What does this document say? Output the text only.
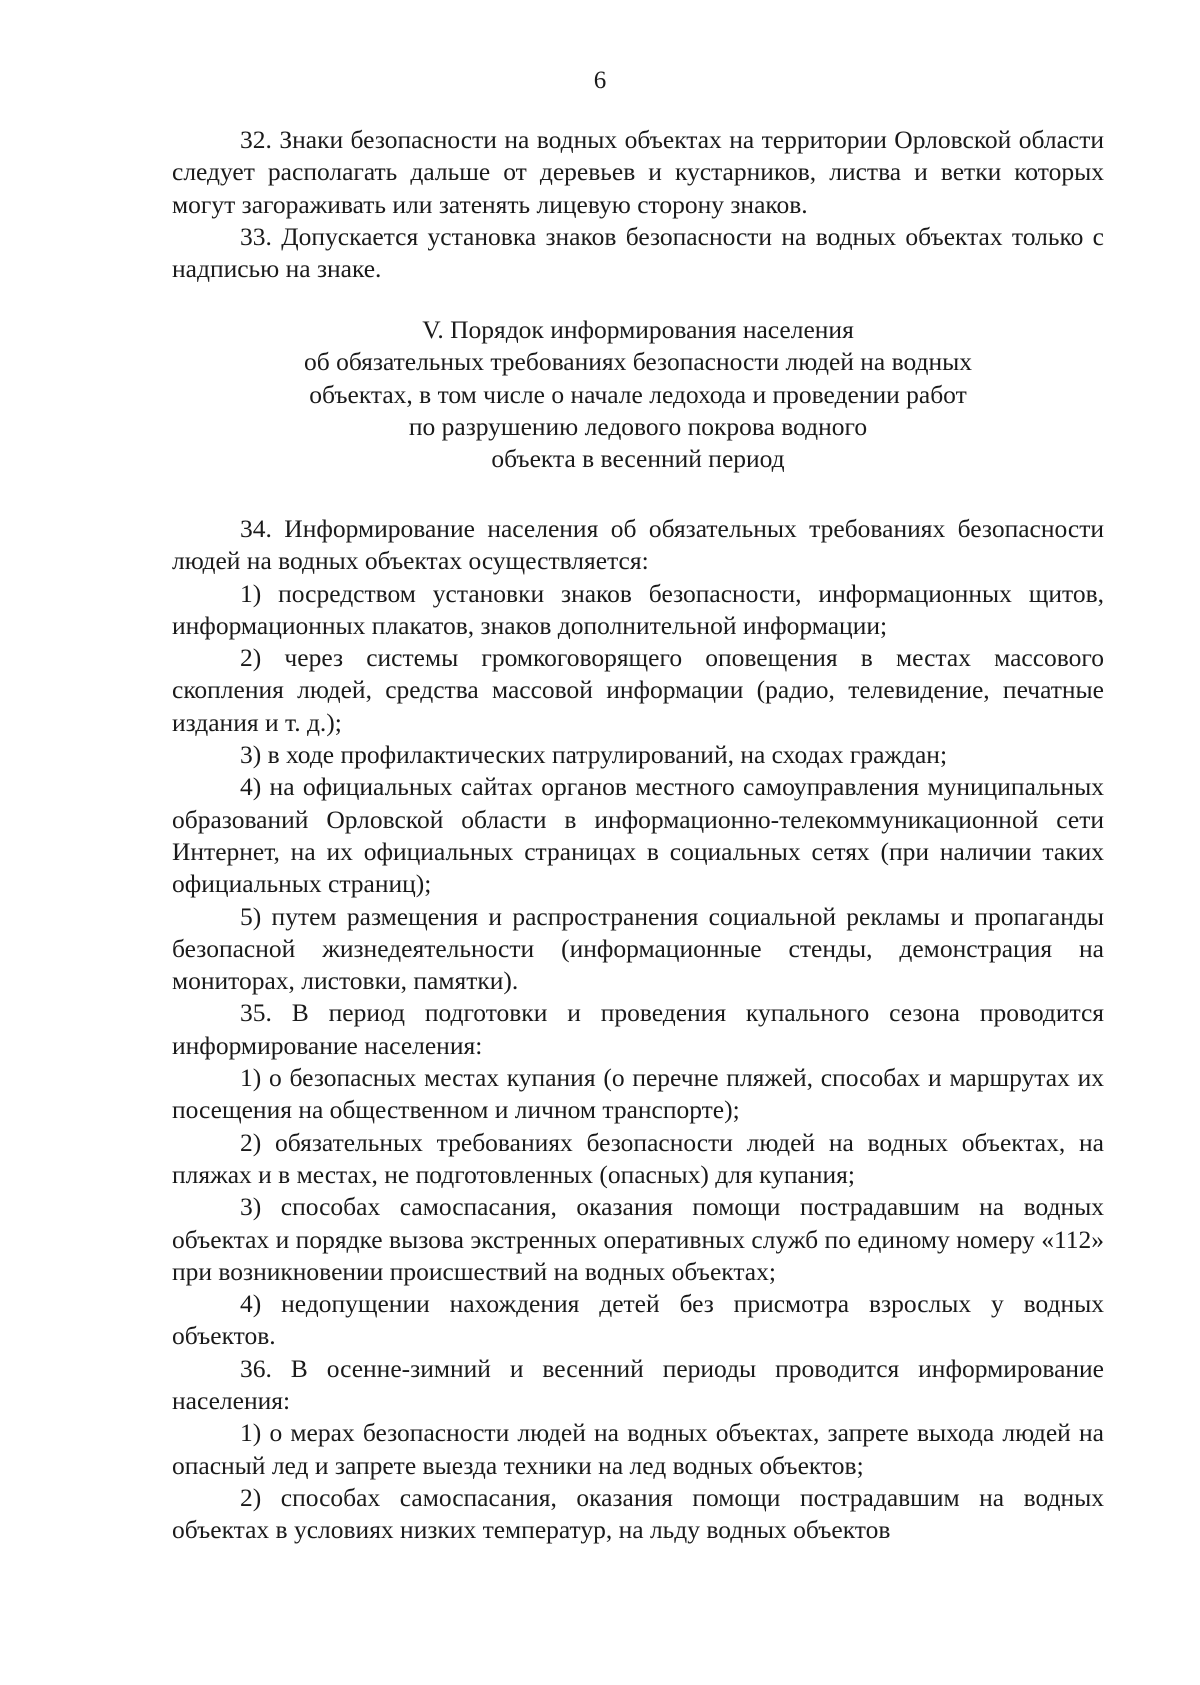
6

32. Знаки безопасности на водных объектах на территории Орловской области следует располагать дальше от деревьев и кустарников, листва и ветки которых могут загораживать или затенять лицевую сторону знаков.

33. Допускается установка знаков безопасности на водных объектах только с надписью на знаке.

V. Порядок информирования населения
об обязательных требованиях безопасности людей на водных
объектах, в том числе о начале ледохода и проведении работ
по разрушению ледового покрова водного
объекта в весенний период

34. Информирование населения об обязательных требованиях безопасности людей на водных объектах осуществляется:

1) посредством установки знаков безопасности, информационных щитов, информационных плакатов, знаков дополнительной информации;

2) через системы громкоговорящего оповещения в местах массового скопления людей, средства массовой информации (радио, телевидение, печатные издания и т. д.);

3) в ходе профилактических патрулирований, на сходах граждан;

4) на официальных сайтах органов местного самоуправления муниципальных образований Орловской области в информационно-телекоммуникационной сети Интернет, на их официальных страницах в социальных сетях (при наличии таких официальных страниц);

5) путем размещения и распространения социальной рекламы и пропаганды безопасной жизнедеятельности (информационные стенды, демонстрация на мониторах, листовки, памятки).

35. В период подготовки и проведения купального сезона проводится информирование населения:

1) о безопасных местах купания (о перечне пляжей, способах и маршрутах их посещения на общественном и личном транспорте);

2) обязательных требованиях безопасности людей на водных объектах, на пляжах и в местах, не подготовленных (опасных) для купания;

3) способах самоспасания, оказания помощи пострадавшим на водных объектах и порядке вызова экстренных оперативных служб по единому номеру «112» при возникновении происшествий на водных объектах;

4) недопущении нахождения детей без присмотра взрослых у водных объектов.

36. В осенне-зимний и весенний периоды проводится информирование населения:

1) о мерах безопасности людей на водных объектах, запрете выхода людей на опасный лед и запрете выезда техники на лед водных объектов;

2) способах самоспасания, оказания помощи пострадавшим на водных объектах в условиях низких температур, на льду водных объектов
